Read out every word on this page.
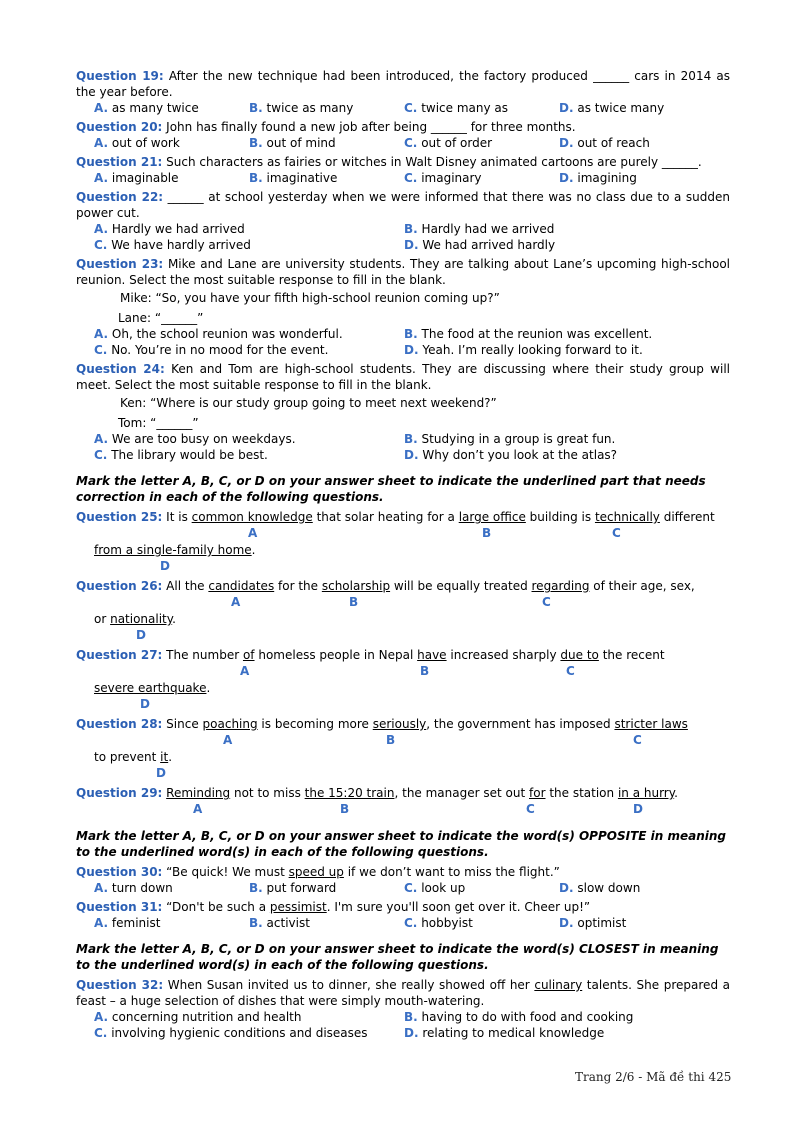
Question 19: After the new technique had been introduced, the factory produced ______ cars in 2014 as the year before.
A. as many twice	B. twice as many	C. twice many as	D. as twice many
Question 20: John has finally found a new job after being ______ for three months.
A. out of work	B. out of mind	C. out of order	D. out of reach
Question 21: Such characters as fairies or witches in Walt Disney animated cartoons are purely ______.
A. imaginable	B. imaginative	C. imaginary	D. imagining
Question 22: ______ at school yesterday when we were informed that there was no class due to a sudden power cut.
A. Hardly we had arrived	B. Hardly had we arrived
C. We have hardly arrived	D. We had arrived hardly
Question 23: Mike and Lane are university students. They are talking about Lane’s upcoming high-school reunion. Select the most suitable response to fill in the blank.
Mike: “So, you have your fifth high-school reunion coming up?”
Lane: “______”
A. Oh, the school reunion was wonderful.	B. The food at the reunion was excellent.
C. No. You’re in no mood for the event.	D. Yeah. I’m really looking forward to it.
Question 24: Ken and Tom are high-school students. They are discussing where their study group will meet. Select the most suitable response to fill in the blank.
Ken: “Where is our study group going to meet next weekend?”
Tom: “______”
A. We are too busy on weekdays.	B. Studying in a group is great fun.
C. The library would be best.	D. Why don’t you look at the atlas?
Mark the letter A, B, C, or D on your answer sheet to indicate the underlined part that needs correction in each of the following questions.
Question 25: It is common knowledge that solar heating for a large office building is technically different
A	B	C
from a single-family home.
D
Question 26: All the candidates for the scholarship will be equally treated regarding of their age, sex,
A	B	C
or nationality.
D
Question 27: The number of homeless people in Nepal have increased sharply due to the recent
A	B	C
severe earthquake.
D
Question 28: Since poaching is becoming more seriously, the government has imposed stricter laws
A	B	C
to prevent it.
D
Question 29: Reminding not to miss the 15:20 train, the manager set out for the station in a hurry.
A	B	C	D
Mark the letter A, B, C, or D on your answer sheet to indicate the word(s) OPPOSITE in meaning to the underlined word(s) in each of the following questions.
Question 30: “Be quick! We must speed up if we don’t want to miss the flight.”
A. turn down	B. put forward	C. look up	D. slow down
Question 31: “Don't be such a pessimist. I'm sure you'll soon get over it. Cheer up!”
A. feminist	B. activist	C. hobbyist	D. optimist
Mark the letter A, B, C, or D on your answer sheet to indicate the word(s) CLOSEST in meaning to the underlined word(s) in each of the following questions.
Question 32: When Susan invited us to dinner, she really showed off her culinary talents. She prepared a feast – a huge selection of dishes that were simply mouth-watering.
A. concerning nutrition and health	B. having to do with food and cooking
C. involving hygienic conditions and diseases	D. relating to medical knowledge
Trang 2/6 - Mã đề thi 425
